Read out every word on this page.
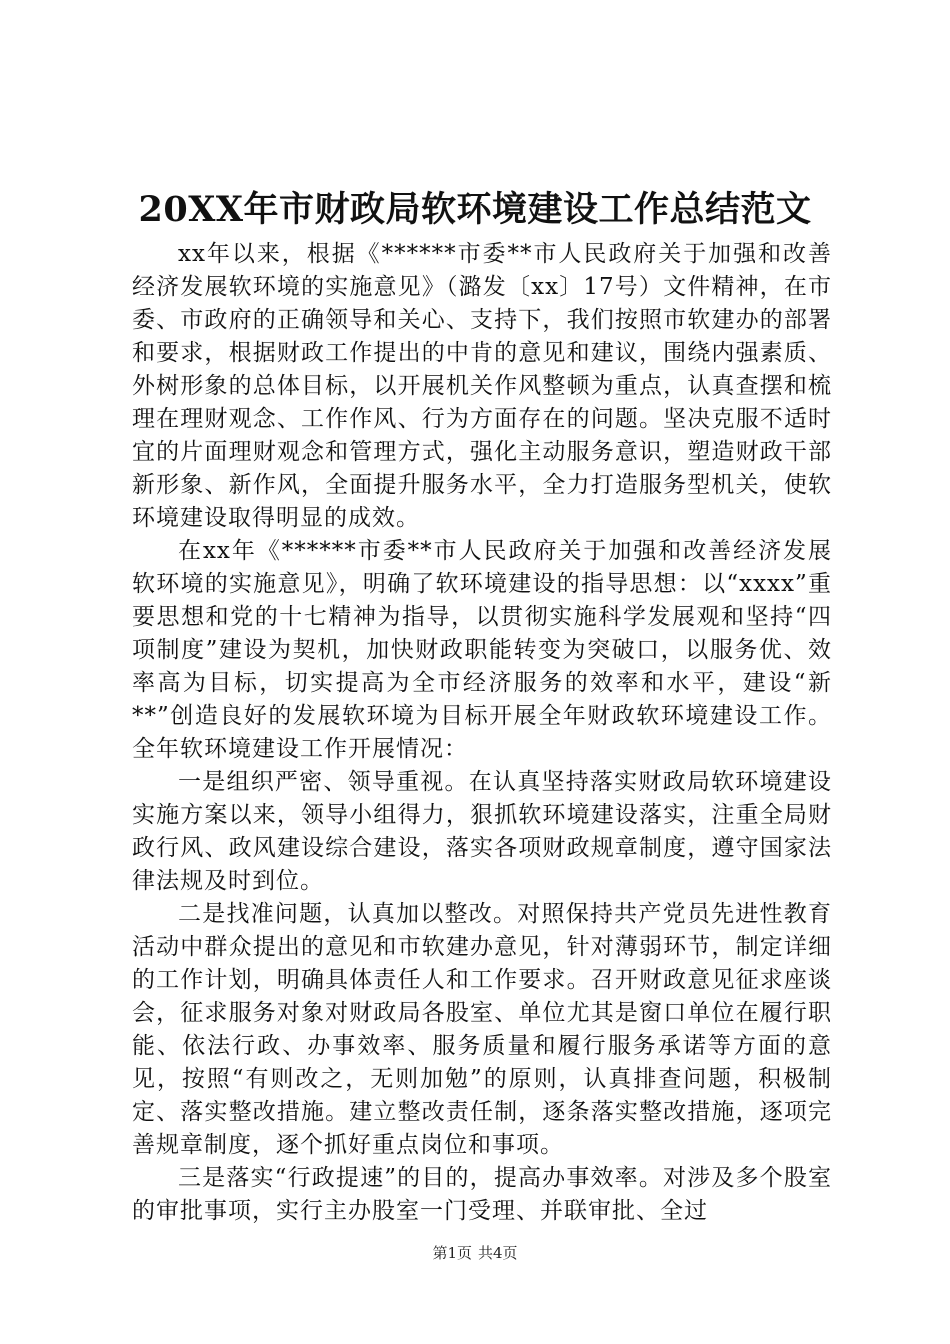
20XX年市财政局软环境建设工作总结范文

xx年以来，根据《******市委**市人民政府关于加强和改善经济发展软环境的实施意见》（潞发〔xx〕17号）文件精神，在市委、市政府的正确领导和关心、支持下，我们按照市软建办的部署和要求，根据财政工作提出的中肯的意见和建议，围绕内强素质、外树形象的总体目标，以开展机关作风整顿为重点，认真查摆和梳理在理财观念、工作作风、行为方面存在的问题。坚决克服不适时宜的片面理财观念和管理方式，强化主动服务意识，塑造财政干部新形象、新作风，全面提升服务水平，全力打造服务型机关，使软环境建设取得明显的成效。

在xx年《******市委**市人民政府关于加强和改善经济发展软环境的实施意见》，明确了软环境建设的指导思想：以“xxxx”重要思想和党的十七精神为指导，以贯彻实施科学发展观和坚持“四项制度”建设为契机，加快财政职能转变为突破口，以服务优、效率高为目标，切实提高为全市经济服务的效率和水平，建设“新**”创造良好的发展软环境为目标开展全年财政软环境建设工作。全年软环境建设工作开展情况：

一是组织严密、领导重视。在认真坚持落实财政局软环境建设实施方案以来，领导小组得力，狠抓软环境建设落实，注重全局财政行风、政风建设综合建设，落实各项财政规章制度，遵守国家法律法规及时到位。

二是找准问题，认真加以整改。对照保持共产党员先进性教育活动中群众提出的意见和市软建办意见，针对薄弱环节，制定详细的工作计划，明确具体责任人和工作要求。召开财政意见征求座谈会，征求服务对象对财政局各股室、单位尤其是窗口单位在履行职能、依法行政、办事效率、服务质量和履行服务承诺等方面的意见，按照“有则改之，无则加勉”的原则，认真排查问题，积极制定、落实整改措施。建立整改责任制，逐条落实整改措施，逐项完善规章制度，逐个抓好重点岗位和事项。

三是落实“行政提速”的目的，提高办事效率。对涉及多个股室的审批事项，实行主办股室一门受理、并联审批、全过

第1页 共4页
